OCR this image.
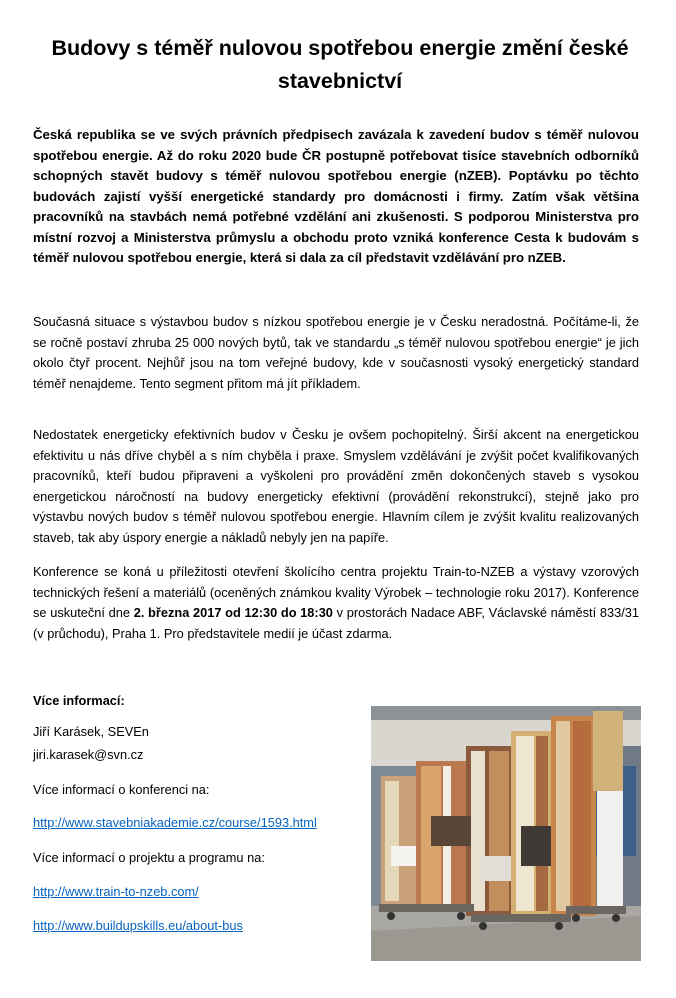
Budovy s téměř nulovou spotřebou energie změní české stavebnictví

Česká republika se ve svých právních předpisech zavázala k zavedení budov s téměř nulovou spotřebou energie. Až do roku 2020 bude ČR postupně potřebovat tisíce stavebních odborníků schopných stavět budovy s téměř nulovou spotřebou energie (nZEB). Poptávku po těchto budovách zajistí vyšší energetické standardy pro domácnosti i firmy. Zatím však většina pracovníků na stavbách nemá potřebné vzdělání ani zkušenosti. S podporou Ministerstva pro místní rozvoj a Ministerstva průmyslu a obchodu proto vzniká konference Cesta k budovám s téměř nulovou spotřebou energie, která si dala za cíl představit vzdělávání pro nZEB.

Současná situace s výstavbou budov s nízkou spotřebou energie je v Česku neradostná. Počítáme-li, že se ročně postaví zhruba 25 000 nových bytů, tak ve standardu „s téměř nulovou spotřebou energie“ je jich okolo čtyř procent. Nejhůř jsou na tom veřejné budovy, kde v současnosti vysoký energetický standard téměř nenajdeme. Tento segment přitom má jít příkladem.

Nedostatek energeticky efektivních budov v Česku je ovšem pochopitelný. Širší akcent na energetickou efektivitu u nás dříve chyběl a s ním chyběla i praxe. Smyslem vzdělávání je zvýšit počet kvalifikovaných pracovníků, kteří budou připraveni a vyškoleni pro provádění změn dokončených staveb s vysokou energetickou náročností na budovy energeticky efektivní (provádění rekonstrukcí), stejně jako pro výstavbu nových budov s téměř nulovou spotřebou energie. Hlavním cílem je zvýšit kvalitu realizovaných staveb, tak aby úspory energie a nákladů nebyly jen na papíře.

Konference se koná u příležitosti otevření školícího centra projektu Train-to-NZEB a výstavy vzorových technických řešení a materiálů (oceněných známkou kvality Výrobek – technologie roku 2017). Konference se uskuteční dne 2. března 2017 od 12:30 do 18:30 v prostorách Nadace ABF, Václavské náměstí 833/31 (v průchodu), Praha 1. Pro představitele medií je účast zdarma.

Více informací:

Jiří Karásek, SEVEn

jiri.karasek@svn.cz

Více informací o konferenci na:

http://www.stavebniakademie.cz/course/1593.html

Více informací o projektu a programu na:

http://www.train-to-nzeb.com/

http://www.buildupskills.eu/about-bus
